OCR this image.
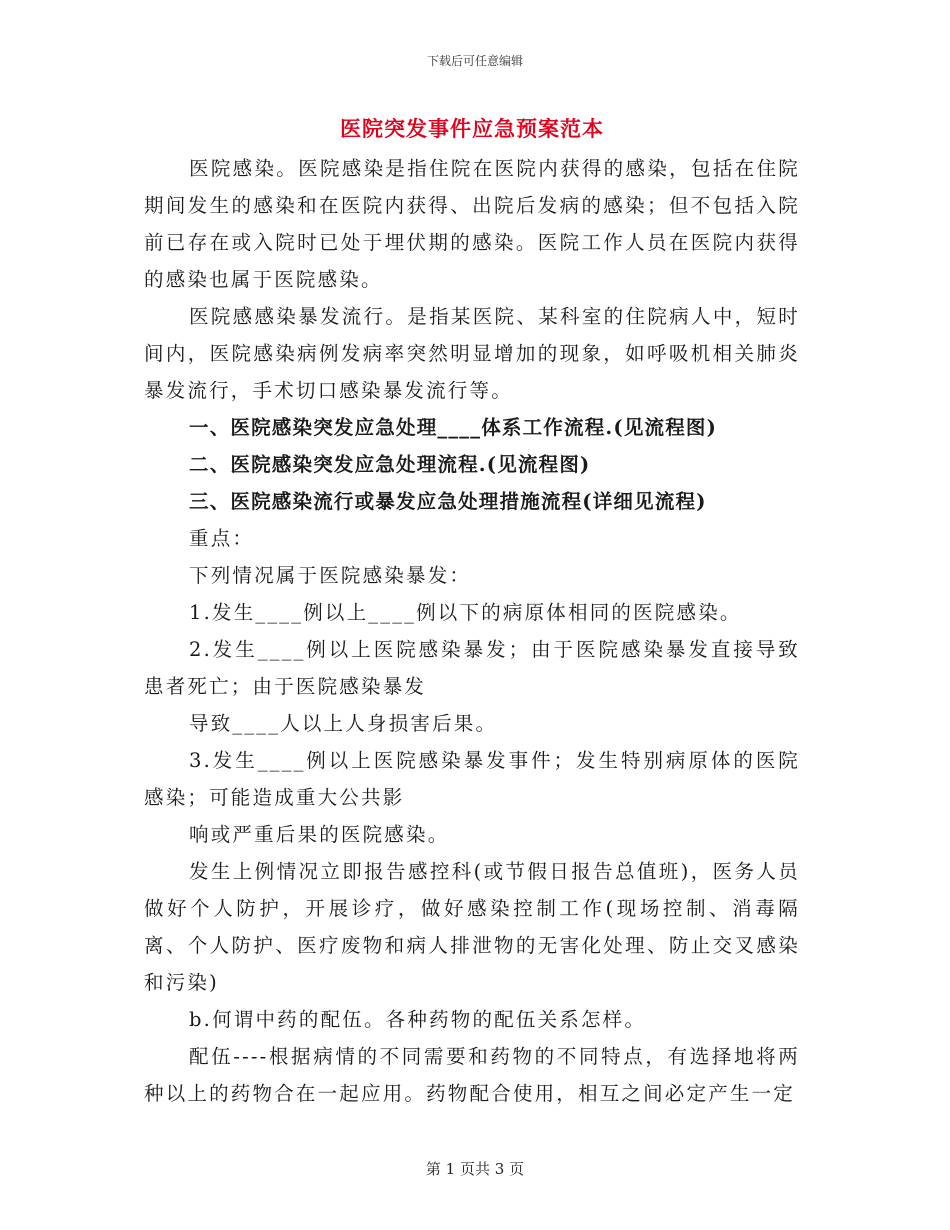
下载后可任意编辑
医院突发事件应急预案范本

医院感染。医院感染是指住院在医院内获得的感染，包括在住院期间发生的感染和在医院内获得、出院后发病的感染；但不包括入院前已存在或入院时已处于埋伏期的感染。医院工作人员在医院内获得的感染也属于医院感染。

医院感感染暴发流行。是指某医院、某科室的住院病人中，短时间内，医院感染病例发病率突然明显增加的现象，如呼吸机相关肺炎暴发流行，手术切口感染暴发流行等。

一、医院感染突发应急处理____体系工作流程.(见流程图)

二、医院感染突发应急处理流程.(见流程图)

三、医院感染流行或暴发应急处理措施流程(详细见流程)

重点：

下列情况属于医院感染暴发：

1.发生____例以上____例以下的病原体相同的医院感染。

2.发生____例以上医院感染暴发；由于医院感染暴发直接导致患者死亡；由于医院感染暴发

导致____人以上人身损害后果。

3.发生____例以上医院感染暴发事件；发生特别病原体的医院感染；可能造成重大公共影

响或严重后果的医院感染。

发生上例情况立即报告感控科(或节假日报告总值班)，医务人员做好个人防护，开展诊疗，做好感染控制工作(现场控制、消毒隔离、个人防护、医疗废物和病人排泄物的无害化处理、防止交叉感染和污染)

b.何谓中药的配伍。各种药物的配伍关系怎样。

配伍----根据病情的不同需要和药物的不同特点，有选择地将两种以上的药物合在一起应用。药物配合使用，相互之间必定产生一定

第 1 页共 3 页
